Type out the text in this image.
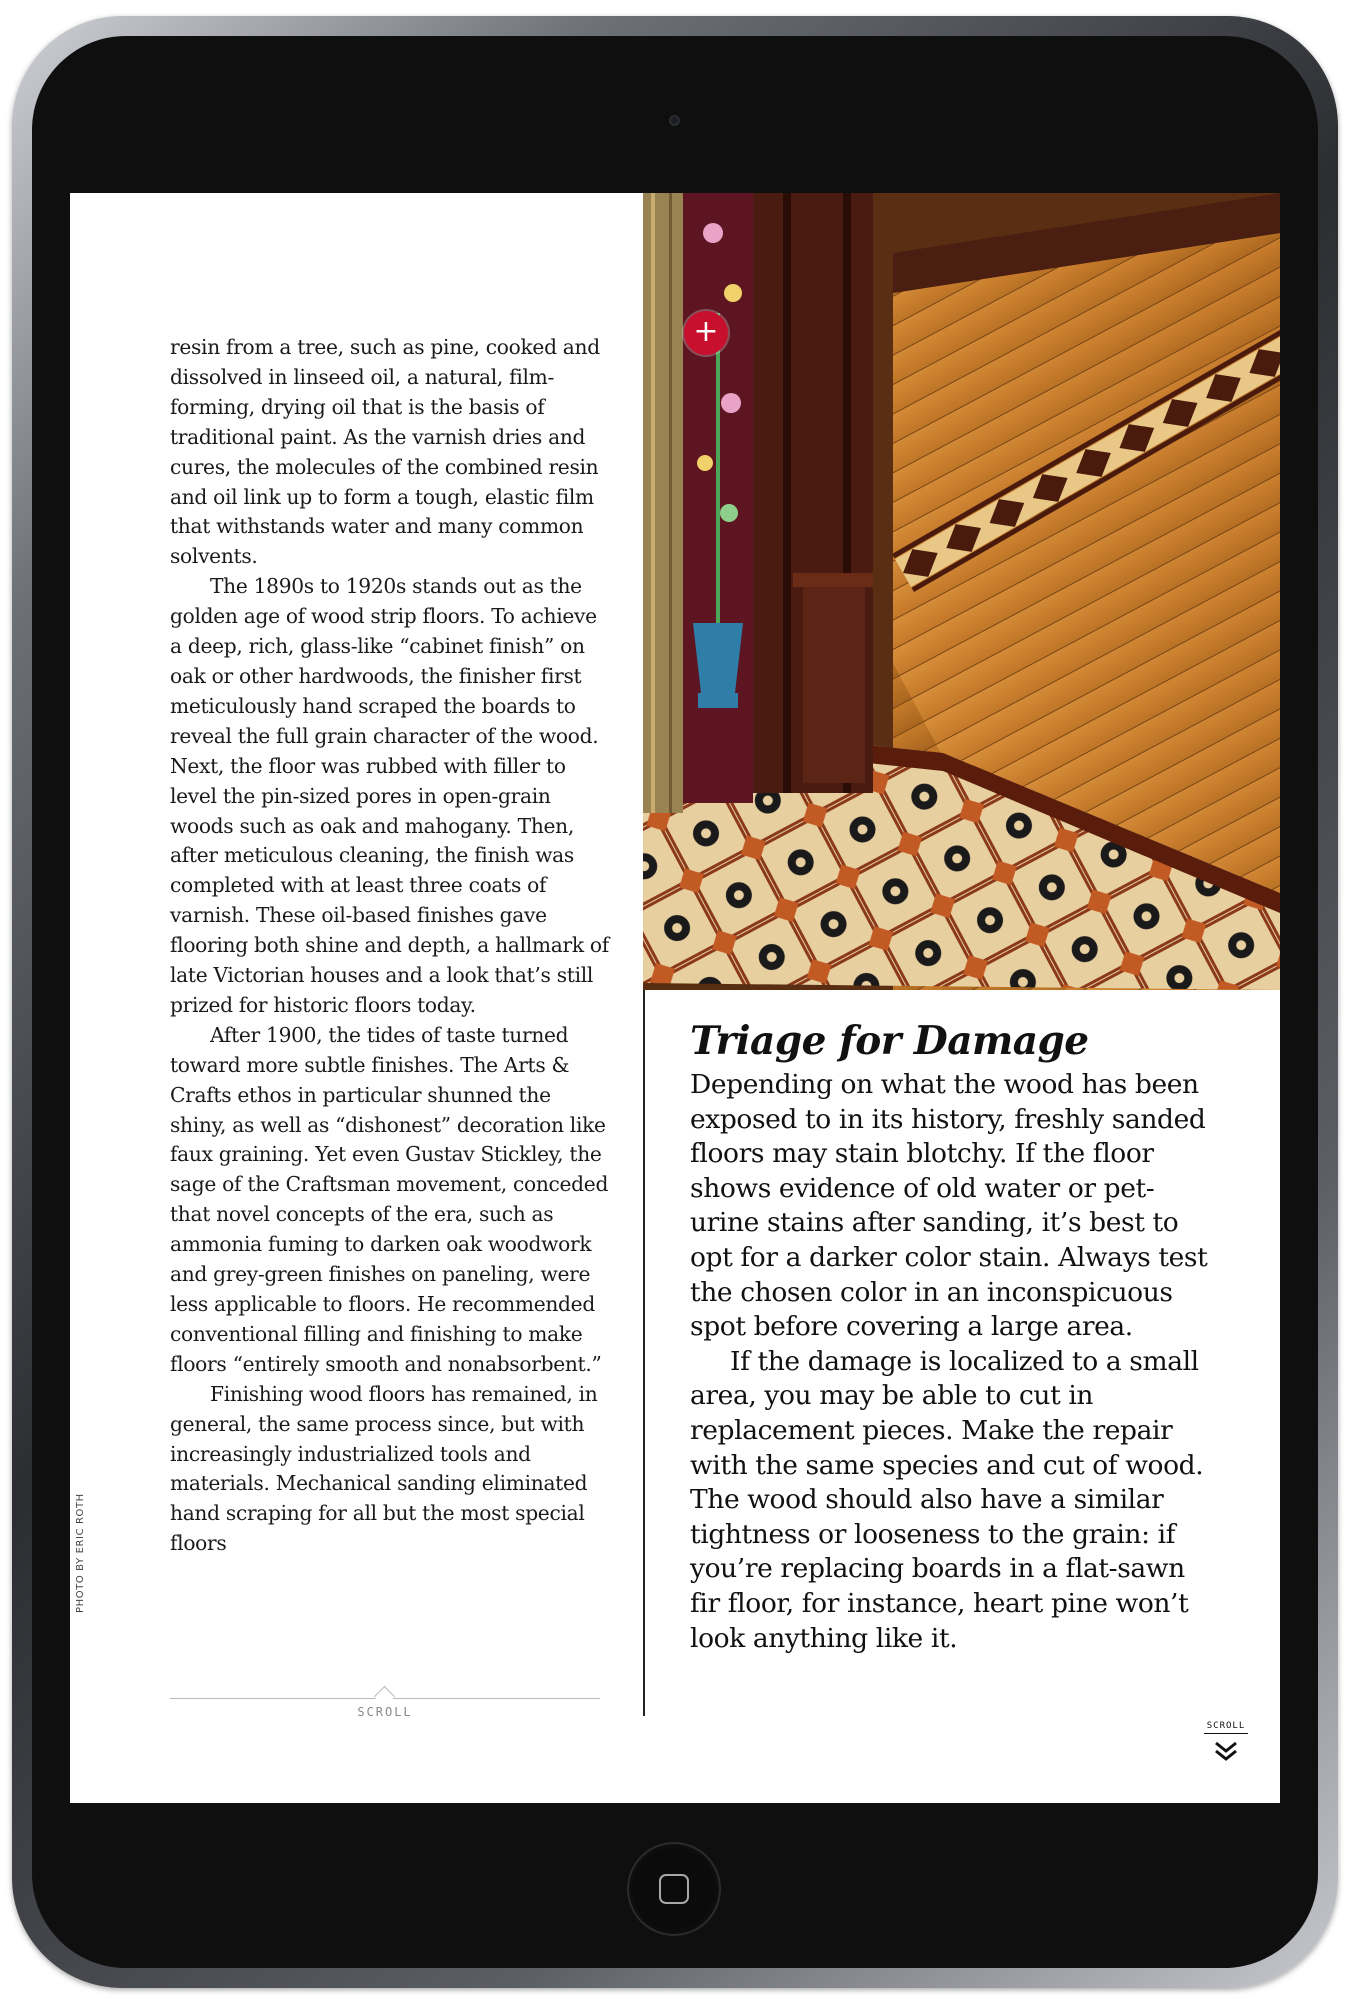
resin from a tree, such as pine, cooked and dissolved in linseed oil, a natural, film-forming, drying oil that is the basis of traditional paint. As the varnish dries and cures, the molecules of the combined resin and oil link up to form a tough, elastic film that withstands water and many common solvents.

The 1890s to 1920s stands out as the golden age of wood strip floors. To achieve a deep, rich, glass-like “cabinet finish” on oak or other hardwoods, the finisher first meticulously hand scraped the boards to reveal the full grain character of the wood. Next, the floor was rubbed with filler to level the pin-sized pores in open-grain woods such as oak and mahogany. Then, after meticulous cleaning, the finish was completed with at least three coats of varnish. These oil-based finishes gave flooring both shine and depth, a hallmark of late Victorian houses and a look that’s still prized for historic floors today.

After 1900, the tides of taste turned toward more subtle finishes. The Arts & Crafts ethos in particular shunned the shiny, as well as “dishonest” decoration like faux graining. Yet even Gustav Stickley, the sage of the Craftsman movement, conceded that novel concepts of the era, such as ammonia fuming to darken oak woodwork and grey-green finishes on paneling, were less applicable to floors. He recommended conventional filling and finishing to make floors “entirely smooth and nonabsorbent.”

Finishing wood floors has remained, in general, the same process since, but with increasingly industrialized tools and materials. Mechanical sanding eliminated hand scraping for all but the most special floors

SCROLL
PHOTO BY ERIC ROTH
+
Triage for Damage

Depending on what the wood has been exposed to in its history, freshly sanded floors may stain blotchy. If the floor shows evidence of old water or pet-urine stains after sanding, it’s best to opt for a darker color stain. Always test the chosen color in an inconspicuous spot before covering a large area.

If the damage is localized to a small area, you may be able to cut in replacement pieces. Make the repair with the same species and cut of wood. The wood should also have a similar tightness or looseness to the grain: if you’re replacing boards in a flat-sawn fir floor, for instance, heart pine won’t look anything like it.

SCROLL
